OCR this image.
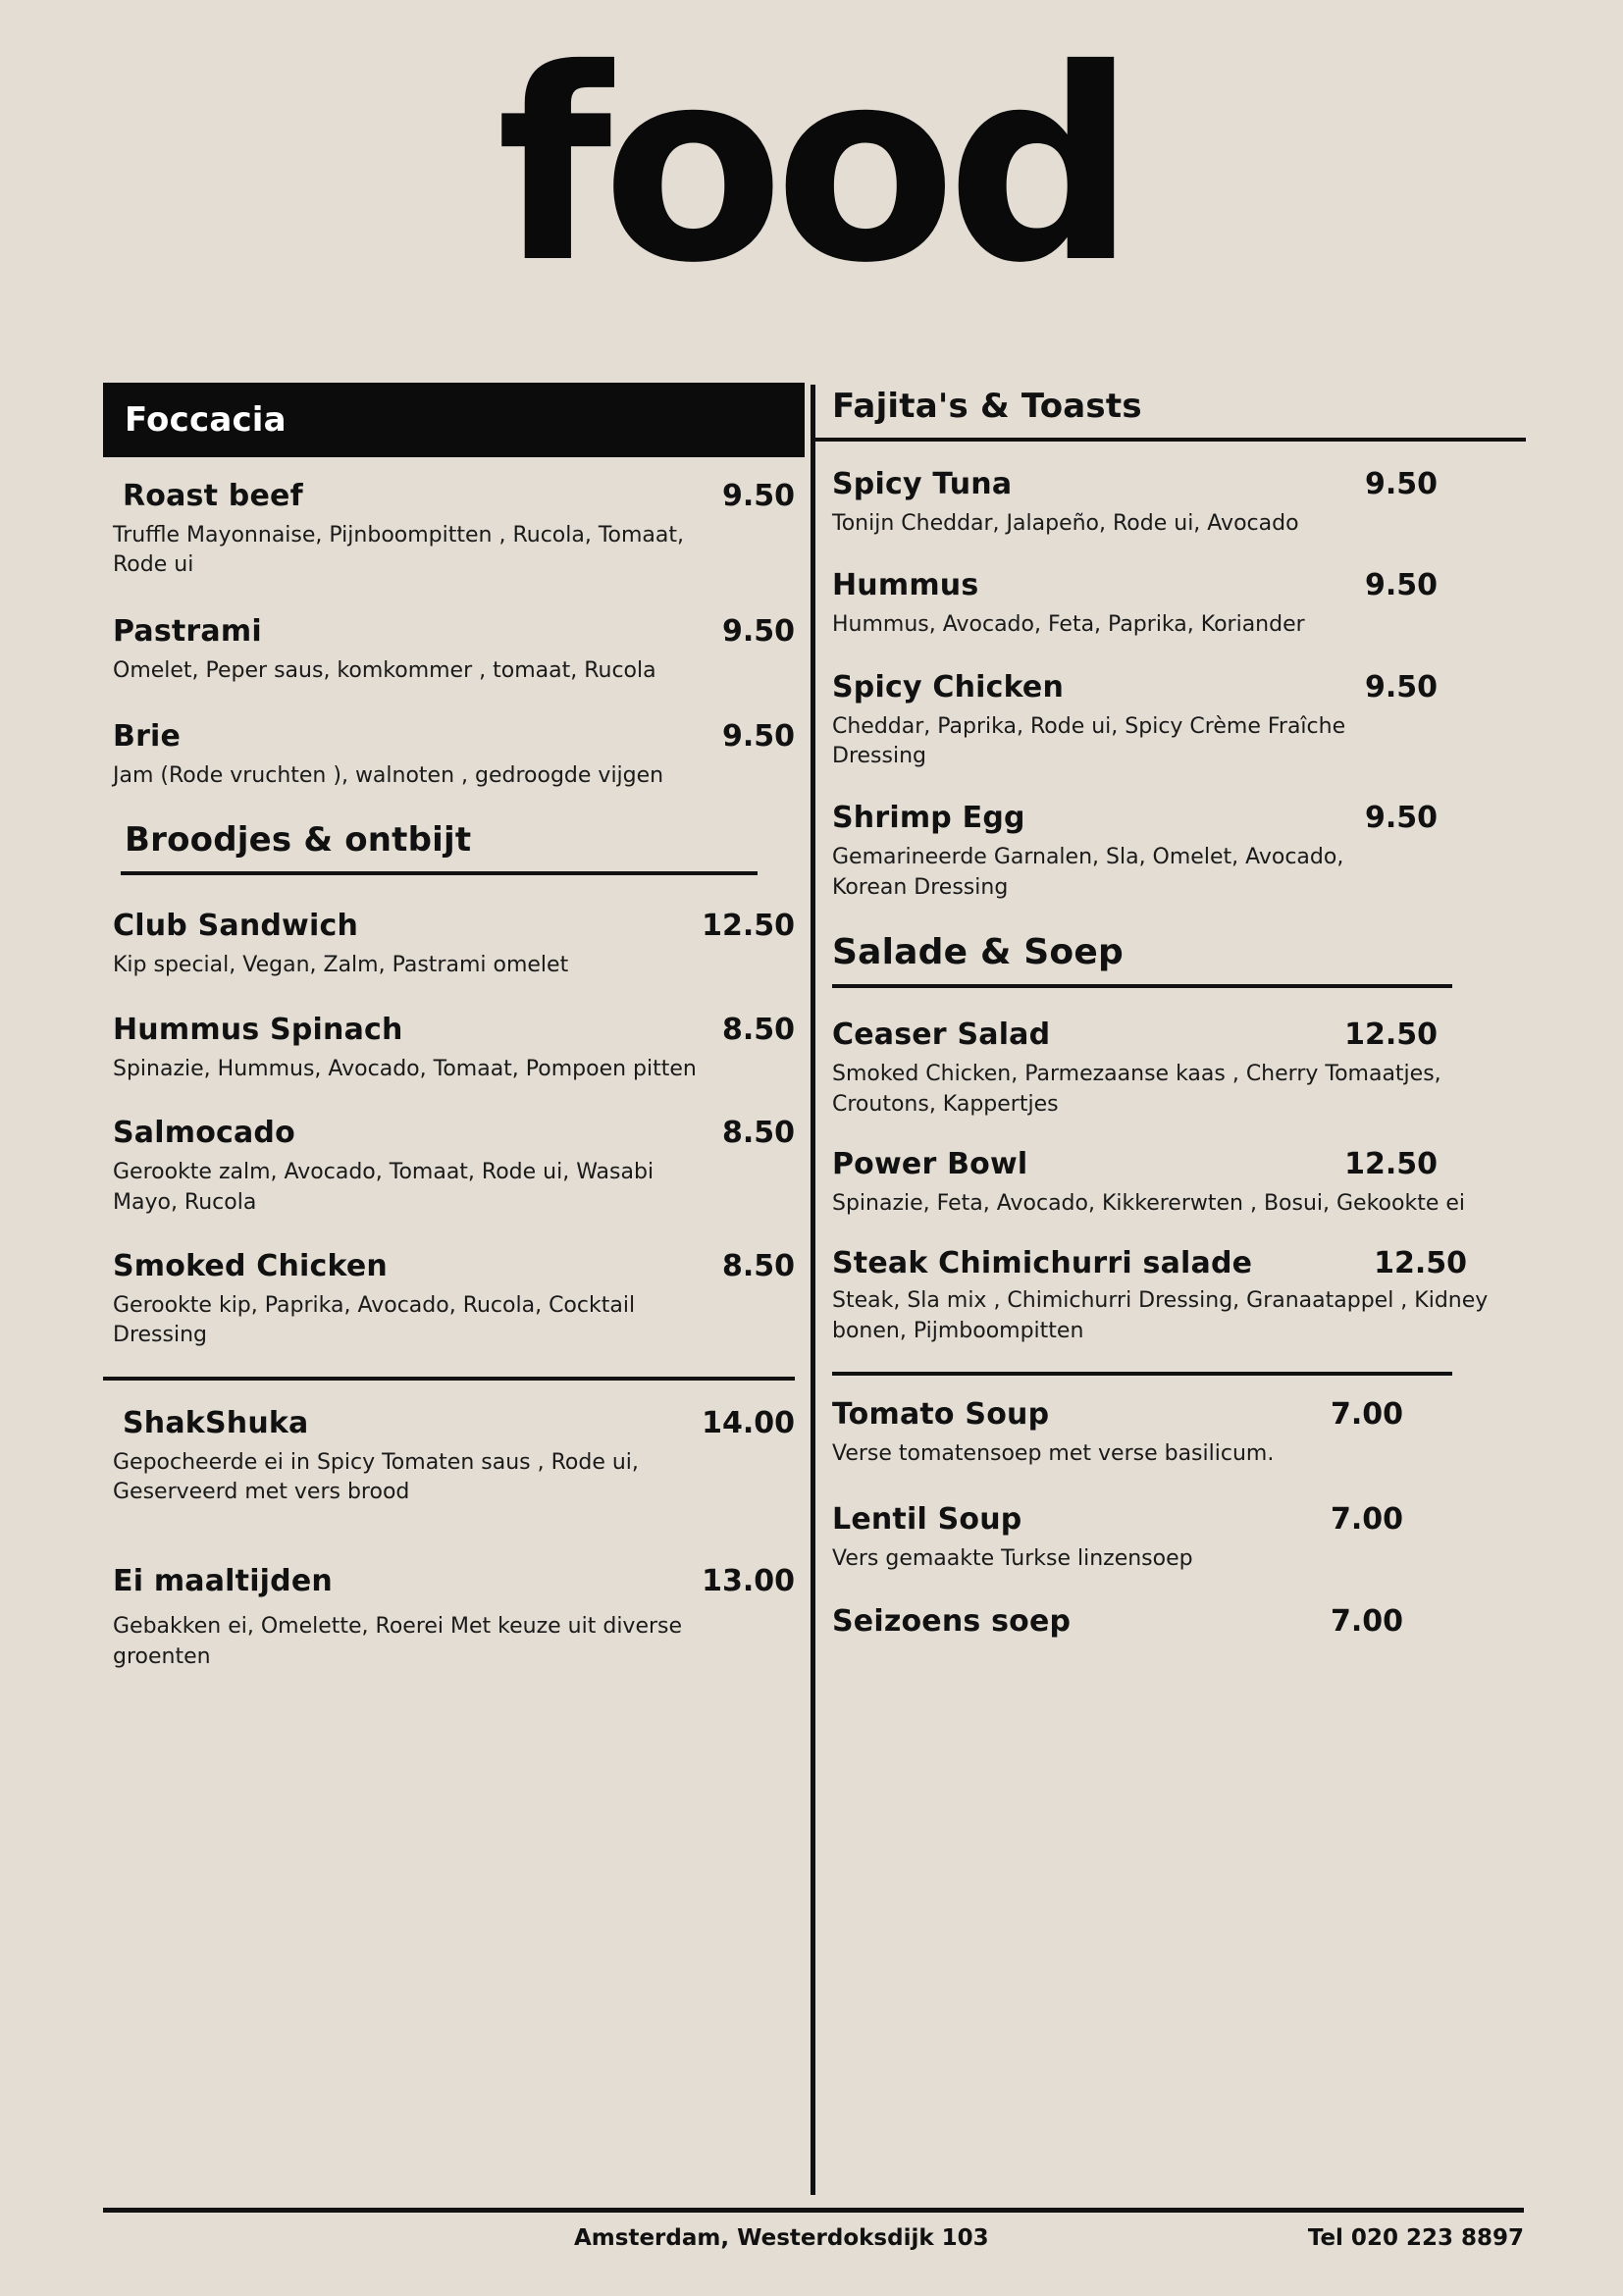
food
Foccacia
Roast beef	9.50
Truffle Mayonnaise, Pijnboompitten , Rucola, Tomaat, Rode ui
Pastrami	9.50
Omelet, Peper saus, komkommer , tomaat, Rucola
Brie	9.50
Jam (Rode vruchten ), walnoten , gedroogde vijgen
Broodjes & ontbijt
Club Sandwich	12.50
Kip special, Vegan, Zalm, Pastrami omelet
Hummus Spinach	8.50
Spinazie, Hummus, Avocado, Tomaat, Pompoen pitten
Salmocado	8.50
Gerookte zalm, Avocado, Tomaat, Rode ui, Wasabi Mayo, Rucola
Smoked Chicken	8.50
Gerookte kip, Paprika, Avocado, Rucola, Cocktail Dressing
ShakShuka	14.00
Gepocheerde ei in Spicy Tomaten saus , Rode ui, Geserveerd met vers brood
Ei maaltijden	13.00
Gebakken ei, Omelette, Roerei Met keuze uit diverse groenten
Fajita's & Toasts
Spicy Tuna	9.50
Tonijn Cheddar, Jalapeño, Rode ui, Avocado
Hummus	9.50
Hummus, Avocado, Feta, Paprika, Koriander
Spicy Chicken	9.50
Cheddar, Paprika, Rode ui, Spicy Crème Fraîche Dressing
Shrimp Egg	9.50
Gemarineerde Garnalen, Sla, Omelet, Avocado, Korean Dressing
Salade & Soep
Ceaser Salad	12.50
Smoked Chicken, Parmezaanse kaas , Cherry Tomaatjes, Croutons, Kappertjes
Power Bowl	12.50
Spinazie, Feta, Avocado, Kikkererwten , Bosui, Gekookte ei
Steak Chimichurri salade	12.50
Steak, Sla mix , Chimichurri Dressing, Granaatappel , Kidney bonen, Pijmboompitten
Tomato Soup	7.00
Verse tomatensoep met verse basilicum.
Lentil Soup	7.00
Vers gemaakte Turkse linzensoep
Seizoens soep	7.00
Amsterdam, Westerdoksdijk 103	Tel 020 223 8897
